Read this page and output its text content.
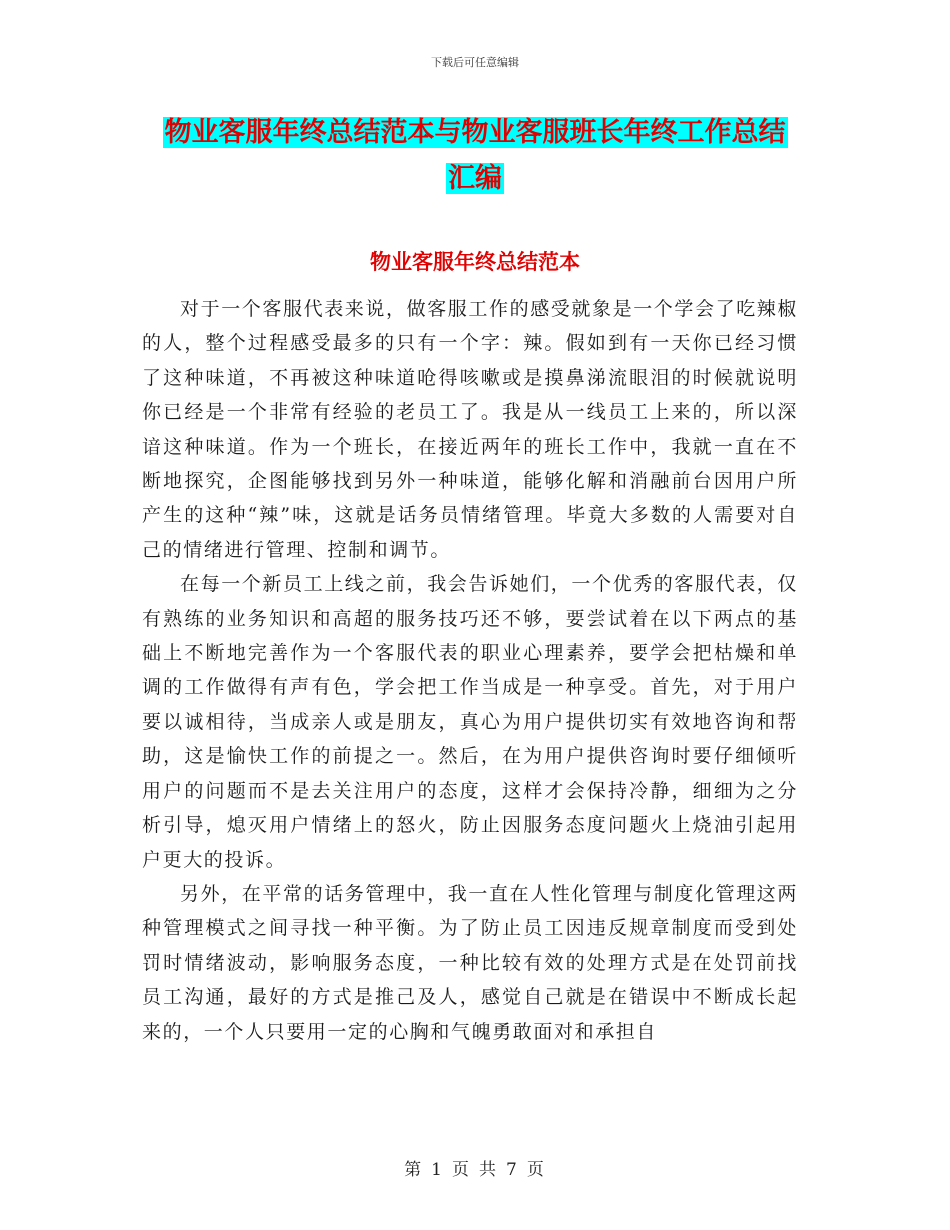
下载后可任意编辑
物业客服年终总结范本与物业客服班长年终工作总结
汇编
物业客服年终总结范本

对于一个客服代表来说，做客服工作的感受就象是一个学会了吃辣椒的人，整个过程感受最多的只有一个字：辣。假如到有一天你已经习惯了这种味道，不再被这种味道呛得咳嗽或是摸鼻涕流眼泪的时候就说明你已经是一个非常有经验的老员工了。我是从一线员工上来的，所以深谙这种味道。作为一个班长，在接近两年的班长工作中，我就一直在不断地探究，企图能够找到另外一种味道，能够化解和消融前台因用户所产生的这种“辣”味，这就是话务员情绪管理。毕竟大多数的人需要对自己的情绪进行管理、控制和调节。

在每一个新员工上线之前，我会告诉她们，一个优秀的客服代表，仅有熟练的业务知识和高超的服务技巧还不够，要尝试着在以下两点的基础上不断地完善作为一个客服代表的职业心理素养，要学会把枯燥和单调的工作做得有声有色，学会把工作当成是一种享受。首先，对于用户要以诚相待，当成亲人或是朋友，真心为用户提供切实有效地咨询和帮助，这是愉快工作的前提之一。然后，在为用户提供咨询时要仔细倾听用户的问题而不是去关注用户的态度，这样才会保持冷静，细细为之分析引导，熄灭用户情绪上的怒火，防止因服务态度问题火上烧油引起用户更大的投诉。

另外，在平常的话务管理中，我一直在人性化管理与制度化管理这两种管理模式之间寻找一种平衡。为了防止员工因违反规章制度而受到处罚时情绪波动，影响服务态度，一种比较有效的处理方式是在处罚前找员工沟通，最好的方式是推己及人，感觉自己就是在错误中不断成长起来的，一个人只要用一定的心胸和气魄勇敢面对和承担自

第 1 页 共 7 页
